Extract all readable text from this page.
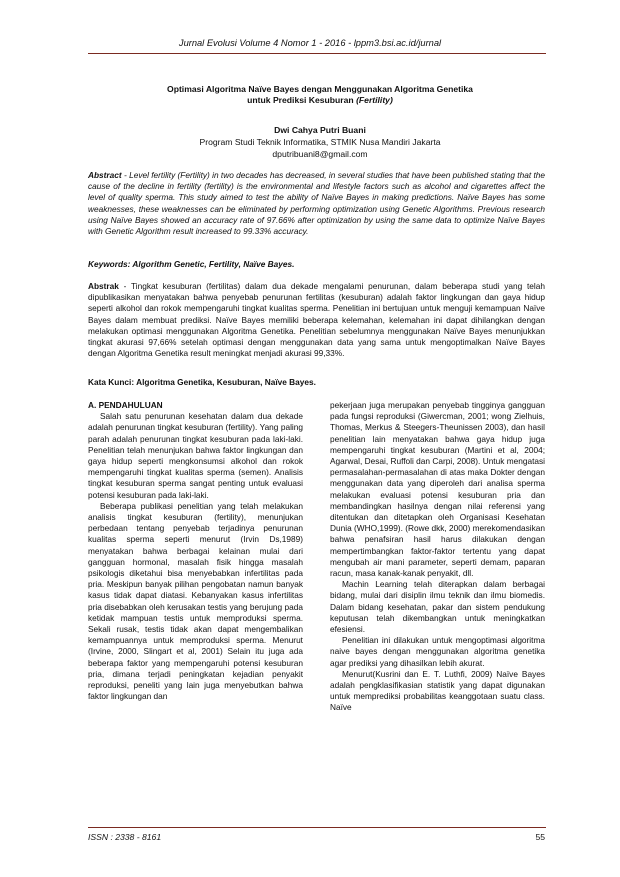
Jurnal Evolusi Volume 4 Nomor 1 - 2016 - lppm3.bsi.ac.id/jurnal
Optimasi Algoritma Naïve Bayes dengan Menggunakan Algoritma Genetika
untuk Prediksi Kesuburan (Fertility)
Dwi Cahya Putri Buani
Program Studi Teknik Informatika, STMIK Nusa Mandiri Jakarta
dputribuani8@gmail.com
Abstract - Level fertility (Fertility) in two decades has decreased, in several studies that have been published stating that the cause of the decline in fertility (fertility) is the environmental and lifestyle factors such as alcohol and cigarettes affect the level of quality sperma. This study aimed to test the ability of Naïve Bayes in making predictions. Naïve Bayes has some weaknesses, these weaknesses can be eliminated by performing optimization using Genetic Algorithms. Previous research using Naïve Bayes showed an accuracy rate of 97.66% after optimization by using the same data to optimize Naïve Bayes with Genetic Algorithm result increased to 99.33% accuracy.
Keywords: Algorithm Genetic, Fertility, Naïve Bayes.
Abstrak - Tingkat kesuburan (fertilitas) dalam dua dekade mengalami penurunan, dalam beberapa studi yang telah dipublikasikan menyatakan bahwa penyebab penurunan fertilitas (kesuburan) adalah faktor lingkungan dan gaya hidup seperti alkohol dan rokok mempengaruhi tingkat kualitas sperma. Penelitian ini bertujuan untuk menguji kemampuan Naïve Bayes dalam membuat prediksi. Naïve Bayes memiliki beberapa kelemahan, kelemahan ini dapat dihilangkan dengan melakukan optimasi menggunakan Algoritma Genetika. Penelitian sebelumnya menggunakan Naïve Bayes menunjukkan tingkat akurasi 97,66% setelah optimasi dengan menggunakan data yang sama untuk mengoptimalkan Naïve Bayes dengan Algoritma Genetika result meningkat menjadi akurasi 99,33%.
Kata Kunci: Algoritma Genetika, Kesuburan, Naïve Bayes.
A. PENDAHULUAN

Salah satu penurunan kesehatan dalam dua dekade adalah penurunan tingkat kesuburan (fertility). Yang paling parah adalah penurunan tingkat kesuburan pada laki-laki. Penelitian telah menunjukan bahwa faktor lingkungan dan gaya hidup seperti mengkonsumsi alkohol dan rokok mempengaruhi tingkat kualitas sperma (semen). Analisis tingkat kesuburan sperma sangat penting untuk evaluasi potensi kesuburan pada laki-laki.

Beberapa publikasi penelitian yang telah melakukan analisis tingkat kesuburan (fertility), menunjukan perbedaan tentang penyebab terjadinya penurunan kualitas sperma seperti menurut (Irvin Ds,1989) menyatakan bahwa berbagai kelainan mulai dari gangguan hormonal, masalah fisik hingga masalah psikologis diketahui bisa menyebabkan infertilitas pada pria. Meskipun banyak pilihan pengobatan namun banyak kasus tidak dapat diatasi. Kebanyakan kasus infertilitas pria disebabkan oleh kerusakan testis yang berujung pada ketidak mampuan testis untuk memproduksi sperma. Sekali rusak, testis tidak akan dapat mengembalikan kemampuannya untuk memproduksi sperma. Menurut (Irvine, 2000, Slingart et al, 2001) Selain itu juga ada beberapa faktor yang mempengaruhi potensi kesuburan pria, dimana terjadi peningkatan kejadian penyakit reproduksi, peneliti yang lain juga menyebutkan bahwa faktor lingkungan dan

pekerjaan juga merupakan penyebab tingginya gangguan pada fungsi reproduksi (Giwercman, 2001; wong Zielhuis, Thomas, Merkus & Steegers-Theunissen 2003), dan hasil penelitian lain menyatakan bahwa gaya hidup juga mempengaruhi tingkat kesuburan (Martini et al, 2004; Agarwal, Desai, Ruffoli dan Carpi, 2008). Untuk mengatasi permasalahan-permasalahan di atas maka Dokter dengan menggunakan data yang diperoleh dari analisa sperma melakukan evaluasi potensi kesuburan pria dan membandingkan hasilnya dengan nilai referensi yang ditentukan dan ditetapkan oleh Organisasi Kesehatan Dunia (WHO,1999). (Rowe dkk, 2000) merekomendasikan bahwa penafsiran hasil harus dilakukan dengan mempertimbangkan faktor-faktor tertentu yang dapat mengubah air mani parameter, seperti demam, paparan racun, masa kanak-kanak penyakit, dll.

Machin Learning telah diterapkan dalam berbagai bidang, mulai dari disiplin ilmu teknik dan ilmu biomedis. Dalam bidang kesehatan, pakar dan sistem pendukung keputusan telah dikembangkan untuk meningkatkan efesiensi.

Penelitian ini dilakukan untuk mengoptimasi algoritma naive bayes dengan menggunakan algoritma genetika agar prediksi yang dihasilkan lebih akurat.

Menurut(Kusrini dan E. T. Luthfi, 2009) Naïve Bayes adalah pengklasifikasian statistik yang dapat digunakan untuk memprediksi probabilitas keanggotaan suatu class. Naïve

ISSN : 2338 - 8161	55
